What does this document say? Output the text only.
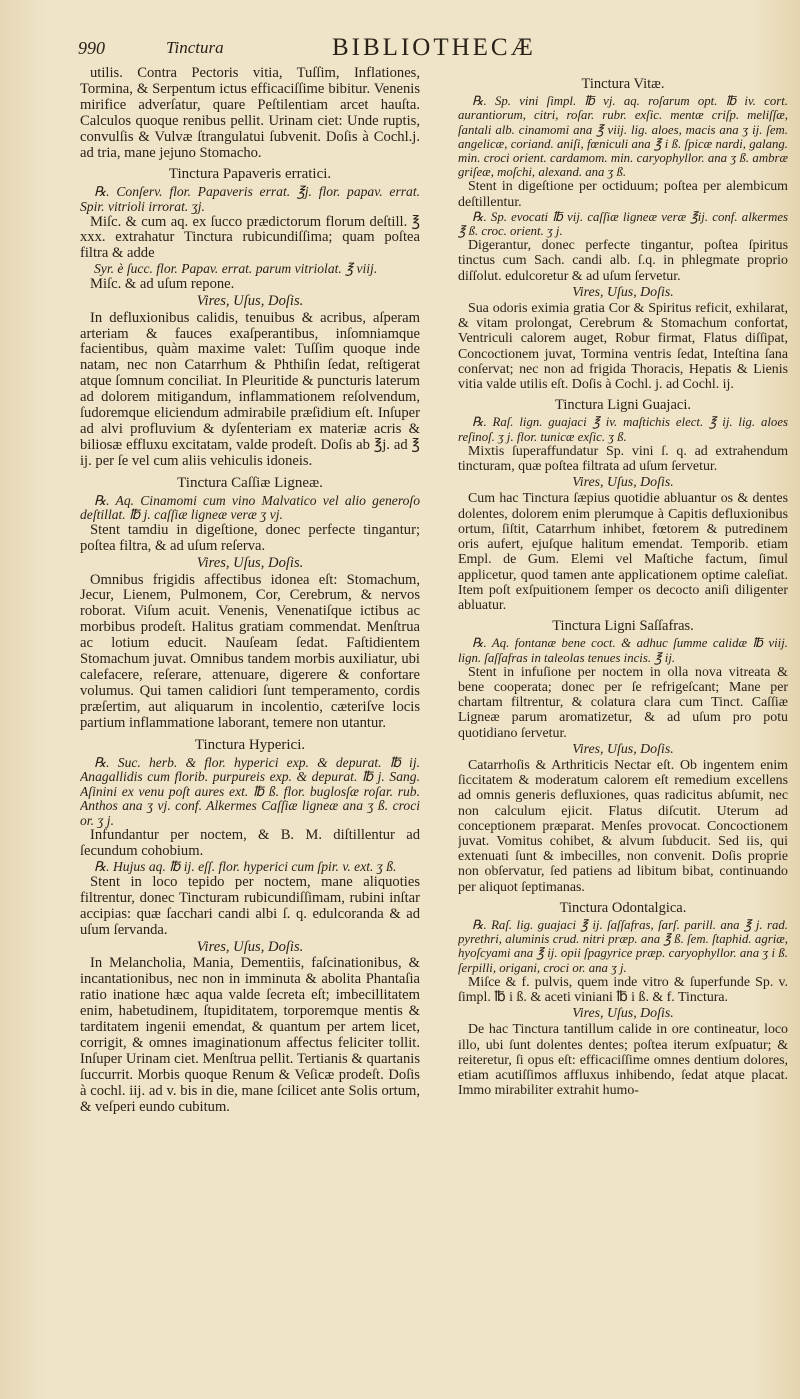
990	Tinctura	BIBLIOTHECÆ

utilis. Contra Pectoris vitia, Tuſſim, Inflationes, Tormina, & Serpentum ictus efficaciſſime bibitur. Venenis mirifice adverſatur, quare Peſtilentiam arcet hauſta. Calculos quoque renibus pellit. Urinam ciet: Unde ruptis, convulſis & Vulvæ ſtrangulatui ſubvenit. Doſis à Cochl.j. ad tria, mane jejuno Stomacho.

Tinctura Papaveris erratici.

℞. Conſerv. flor. Papaveris errat. ℥j. flor. papav. errat. Spir. vitrioli irrorat. ʒj.

Miſc. & cum aq. ex ſucco prædictorum florum deſtill. ℥ xxx. extrahatur Tinctura rubicundiſſima; quam poſtea filtra & adde

Syr. è ſucc. flor. Papav. errat. parum vitriolat. ℥ viij.

Miſc. & ad uſum repone.

Vires, Uſus, Doſis.

In defluxionibus calidis, tenuibus & acribus, aſperam arteriam & fauces exaſperantibus, inſomniamque facientibus, quàm maxime valet: Tuſſim quoque inde natam, nec non Catarrhum & Phthiſin ſedat, reſtigerat atque ſomnum conciliat. In Pleuritide & puncturis laterum ad dolorem mitigandum, inflammationem reſolvendum, ſudoremque eliciendum admirabile præſidium eſt. Inſuper ad alvi profluvium & dyſenteriam ex materiæ acris & biliosæ effluxu excitatam, valde prodeſt. Doſis ab ℥j. ad ℥ ij. per ſe vel cum aliis vehiculis idoneis.

Tinctura Caſſiæ Ligneæ.

℞. Aq. Cinamomi cum vino Malvatico vel alio generoſo deſtillat. ℔ j. caſſiæ ligneæ veræ ʒ vj.

Stent tamdiu in digeſtione, donec perfecte tingantur; poſtea filtra, & ad uſum reſerva.

Vires, Uſus, Doſis.

Omnibus frigidis affectibus idonea eſt: Stomachum, Jecur, Lienem, Pulmonem, Cor, Cerebrum, & nervos roborat. Viſum acuit. Venenis, Venenatiſque ictibus ac morbibus prodeſt. Halitus gratiam commendat. Menſtrua ac lotium educit. Nauſeam ſedat. Faſtidientem Stomachum juvat. Omnibus tandem morbis auxiliatur, ubi calefacere, reſerare, attenuare, digerere & confortare volumus. Qui tamen calidiori ſunt temperamento, cordis præſertim, aut aliquarum in incolentio, cæteriſve locis partium inflammatione laborant, temere non utantur.

Tinctura Hyperici.

℞. Suc. herb. & flor. hyperici exp. & depurat. ℔ ij. Anagallidis cum florib. purpureis exp. & depurat. ℔ j. Sang. Aſinini ex venu poſt aures ext. ℔ ß. flor. buglosſæ roſar. rub. Anthos ana ʒ vj. conf. Alkermes Caſſiæ ligneæ ana ʒ ß. croci or. ʒ j.

Infundantur per noctem, & B. M. diſtillentur ad ſecundum cohobium.

℞. Hujus aq. ℔ ij. eſſ. flor. hyperici cum ſpir. v. ext. ʒ ß.

Stent in loco tepido per noctem, mane aliquoties filtrentur, donec Tincturam rubicundiſſimam, rubini inſtar accipias: quæ ſacchari candi albi ſ. q. edulcoranda & ad uſum ſervanda.

Vires, Uſus, Doſis.

In Melancholia, Mania, Dementiis, faſcinationibus, & incantationibus, nec non in imminuta & abolita Phantaſia ratio inatione hæc aqua valde ſecreta eſt; imbecillitatem enim, habetudinem, ſtupiditatem, torporemque mentis & tarditatem ingenii emendat, & quantum per artem licet, corrigit, & omnes imaginationum affectus feliciter tollit. Inſuper Urinam ciet. Menſtrua pellit. Tertianis & quartanis ſuccurrit. Morbis quoque Renum & Veſicæ prodeſt. Doſis à cochl. iij. ad v. bis in die, mane ſcilicet ante Solis ortum, & veſperi eundo cubitum.

Tinctura Vitæ.

℞. Sp. vini ſimpl. ℔ vj. aq. roſarum opt. ℔ iv. cort. aurantiorum, citri, roſar. rubr. exſic. mentæ criſp. meliſſæ, ſantali alb. cinamomi ana ℥ viij. lig. aloes, macis ana ʒ ij. ſem. angelicæ, coriand. aniſi, fœniculi ana ℥ i ß. ſpicæ nardi, galang. min. croci orient. cardamom. min. caryophyllor. ana ʒ ß. ambræ griſeæ, moſchi, alexand. ana ʒ ß.

Stent in digeſtione per octiduum; poſtea per alembicum deſtillentur.

℞. Sp. evocati ℔ vij. caſſiæ ligneæ veræ ℥ij. conf. alkermes ℥ ß. croc. orient. ʒ j.

Digerantur, donec perfecte tingantur, poſtea ſpiritus tinctus cum Sach. candi alb. ſ.q. in phlegmate proprio diſſolut. edulcoretur & ad uſum ſervetur.

Vires, Uſus, Doſis.

Sua odoris eximia gratia Cor & Spiritus reficit, exhilarat, & vitam prolongat, Cerebrum & Stomachum confortat, Ventriculi calorem auget, Robur firmat, Flatus diſſipat, Concoctionem juvat, Tormina ventris ſedat, Inteſtina ſana conſervat; nec non ad frigida Thoracis, Hepatis & Lienis vitia valde utilis eſt. Doſis à Cochl. j. ad Cochl. ij.

Tinctura Ligni Guajaci.

℞. Raſ. lign. guajaci ℥ iv. maſtichis elect. ℥ ij. lig. aloes reſinoſ. ʒ j. flor. tunicæ exſic. ʒ ß.

Mixtis ſuperaffundatur Sp. vini ſ. q. ad extrahendum tincturam, quæ poſtea filtrata ad uſum ſervetur.

Vires, Uſus, Doſis.

Cum hac Tinctura ſæpius quotidie abluantur os & dentes dolentes, dolorem enim plerumque à Capitis defluxionibus ortum, ſiſtit, Catarrhum inhibet, fœtorem & putredinem oris aufert, ejuſque halitum emendat. Temporib. etiam Empl. de Gum. Elemi vel Maſtiche factum, ſimul applicetur, quod tamen ante applicationem optime caleſiat. Item poſt exſpuitionem ſemper os decocto aniſi diligenter abluatur.

Tinctura Ligni Saſſafras.

℞. Aq. fontanæ bene coct. & adhuc ſumme calidæ ℔ viij. lign. ſaſſafras in taleolas tenues incis. ℥ ij.

Stent in infuſione per noctem in olla nova vitreata & bene cooperata; donec per ſe refrigeſcant; Mane per chartam filtrentur, & colatura clara cum Tinct. Caſſiæ Ligneæ parum aromatizetur, & ad uſum pro potu quotidiano ſervetur.

Vires, Uſus, Doſis.

Catarrhoſis & Arthriticis Nectar eſt. Ob ingentem enim ſiccitatem & moderatum calorem eſt remedium excellens ad omnis generis defluxiones, quas radicitus abſumit, nec non calculum ejicit. Flatus diſcutit. Uterum ad conceptionem præparat. Menſes provocat. Concoctionem juvat. Vomitus cohibet, & alvum ſubducit. Sed iis, qui extenuati ſunt & imbecilles, non convenit. Doſis proprie non obſervatur, ſed patiens ad libitum bibat, continuando per aliquot ſeptimanas.

Tinctura Odontalgica.

℞. Raſ. lig. guajaci ℥ ij. ſaſſafras, ſarſ. parill. ana ℥ j. rad. pyrethri, aluminis crud. nitri præp. ana ℥ ß. ſem. ſtaphid. agriæ, hyoſcyami ana ℥ ij. opii ſpagyrice præp. caryophyllor. ana ʒ i ß. ſerpilli, origani, croci or. ana ʒ j.

Miſce & f. pulvis, quem inde vitro & ſuperfunde Sp. v. ſimpl. ℔ i ß. & aceti viniani ℔ i ß. & f. Tinctura.

Vires, Uſus, Doſis.

De hac Tinctura tantillum calide in ore contineatur, loco illo, ubi ſunt dolentes dentes; poſtea iterum exſpuatur; & reiteretur, ſi opus eſt: efficaciſſime omnes dentium dolores, etiam acutiſſimos affluxus inhibendo, ſedat atque placat. Immo mirabiliter extrahit humo-
